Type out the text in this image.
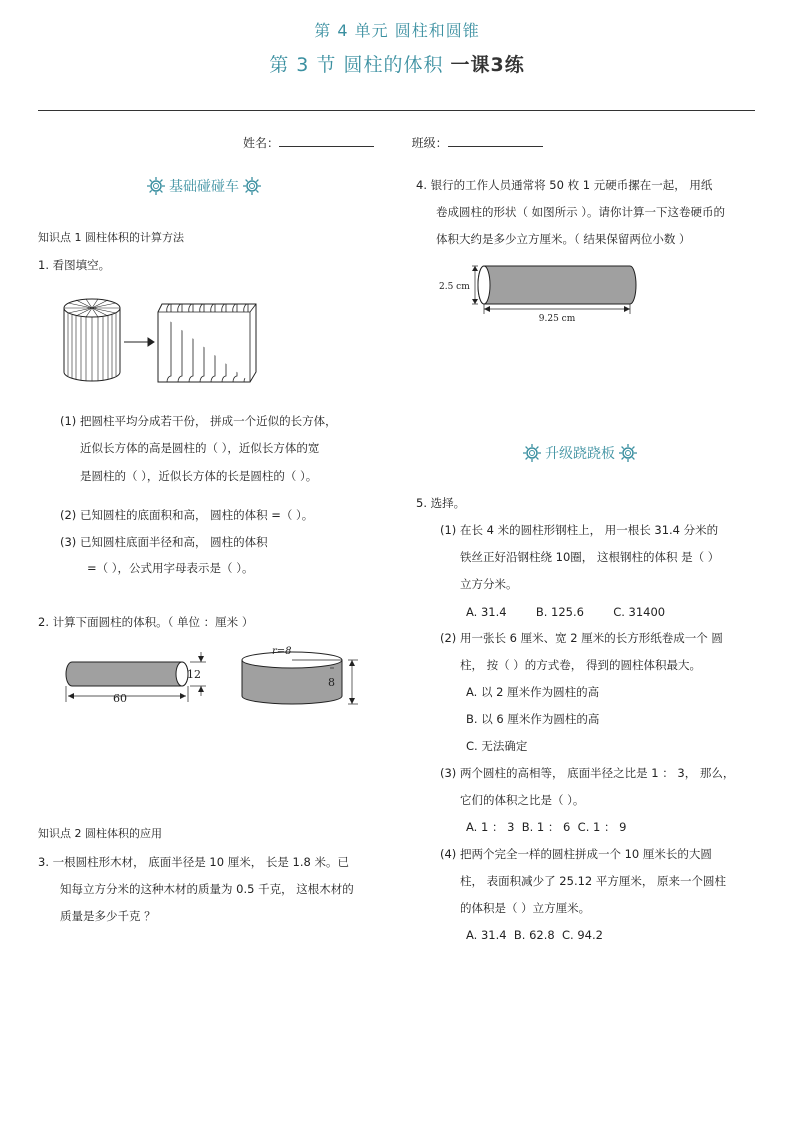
第 4 单元 圆柱和圆锥
第 3 节 圆柱的体积 一课3练
姓名：	班级：
基础碰碰车
知识点 1 圆柱体积的计算方法
1. 看图填空。
(1) 把圆柱平均分成若干份， 拼成一个近似的长方体，
近似长方体的高是圆柱的（ ），近似长方体的宽
是圆柱的（ ），近似长方体的长是圆柱的（ ）。
(2) 已知圆柱的底面积和高， 圆柱的体积 =（ ）。
(3) 已知圆柱底面半径和高， 圆柱的体积
=（ ），公式用字母表示是（ ）。
2. 计算下面圆柱的体积。（ 单位 ：厘米 ）
60
12
r=8
8
知识点 2 圆柱体积的应用
3. 一根圆柱形木材， 底面半径是 10 厘米， 长是 1.8 米。已
知每立方分米的这种木材的质量为 0.5 千克， 这根木材的
质量是多少千克 ？
4. 银行的工作人员通常将 50 枚 1 元硬币摞在一起， 用纸
卷成圆柱的形状（ 如图所示 ）。请你计算一下这卷硬币的
体积大约是多少立方厘米。（ 结果保留两位小数 ）
2.5 cm
9.25 cm
升级跷跷板
5. 选择。
(1) 在长 4 米的圆柱形钢柱上， 用一根长 31.4 分米的
铁丝正好沿钢柱绕 10圈， 这根钢柱的体积 是（ ）
立方分米。
A. 31.4        B. 125.6        C. 31400
(2) 用一张长 6 厘米、宽 2 厘米的长方形纸卷成一个 圆
柱， 按（ ）的方式卷， 得到的圆柱体积最大。
A. 以 2 厘米作为圆柱的高
B. 以 6 厘米作为圆柱的高
C. 无法确定
(3) 两个圆柱的高相等， 底面半径之比是 1 ： 3， 那么，
它们的体积之比是（ ）。
A. 1 ： 3  B. 1 ： 6  C. 1 ： 9
(4) 把两个完全一样的圆柱拼成一个 10 厘米长的大圆
柱， 表面积减少了 25.12 平方厘米， 原来一个圆柱
的体积是（ ）立方厘米。
A. 31.4  B. 62.8  C. 94.2
